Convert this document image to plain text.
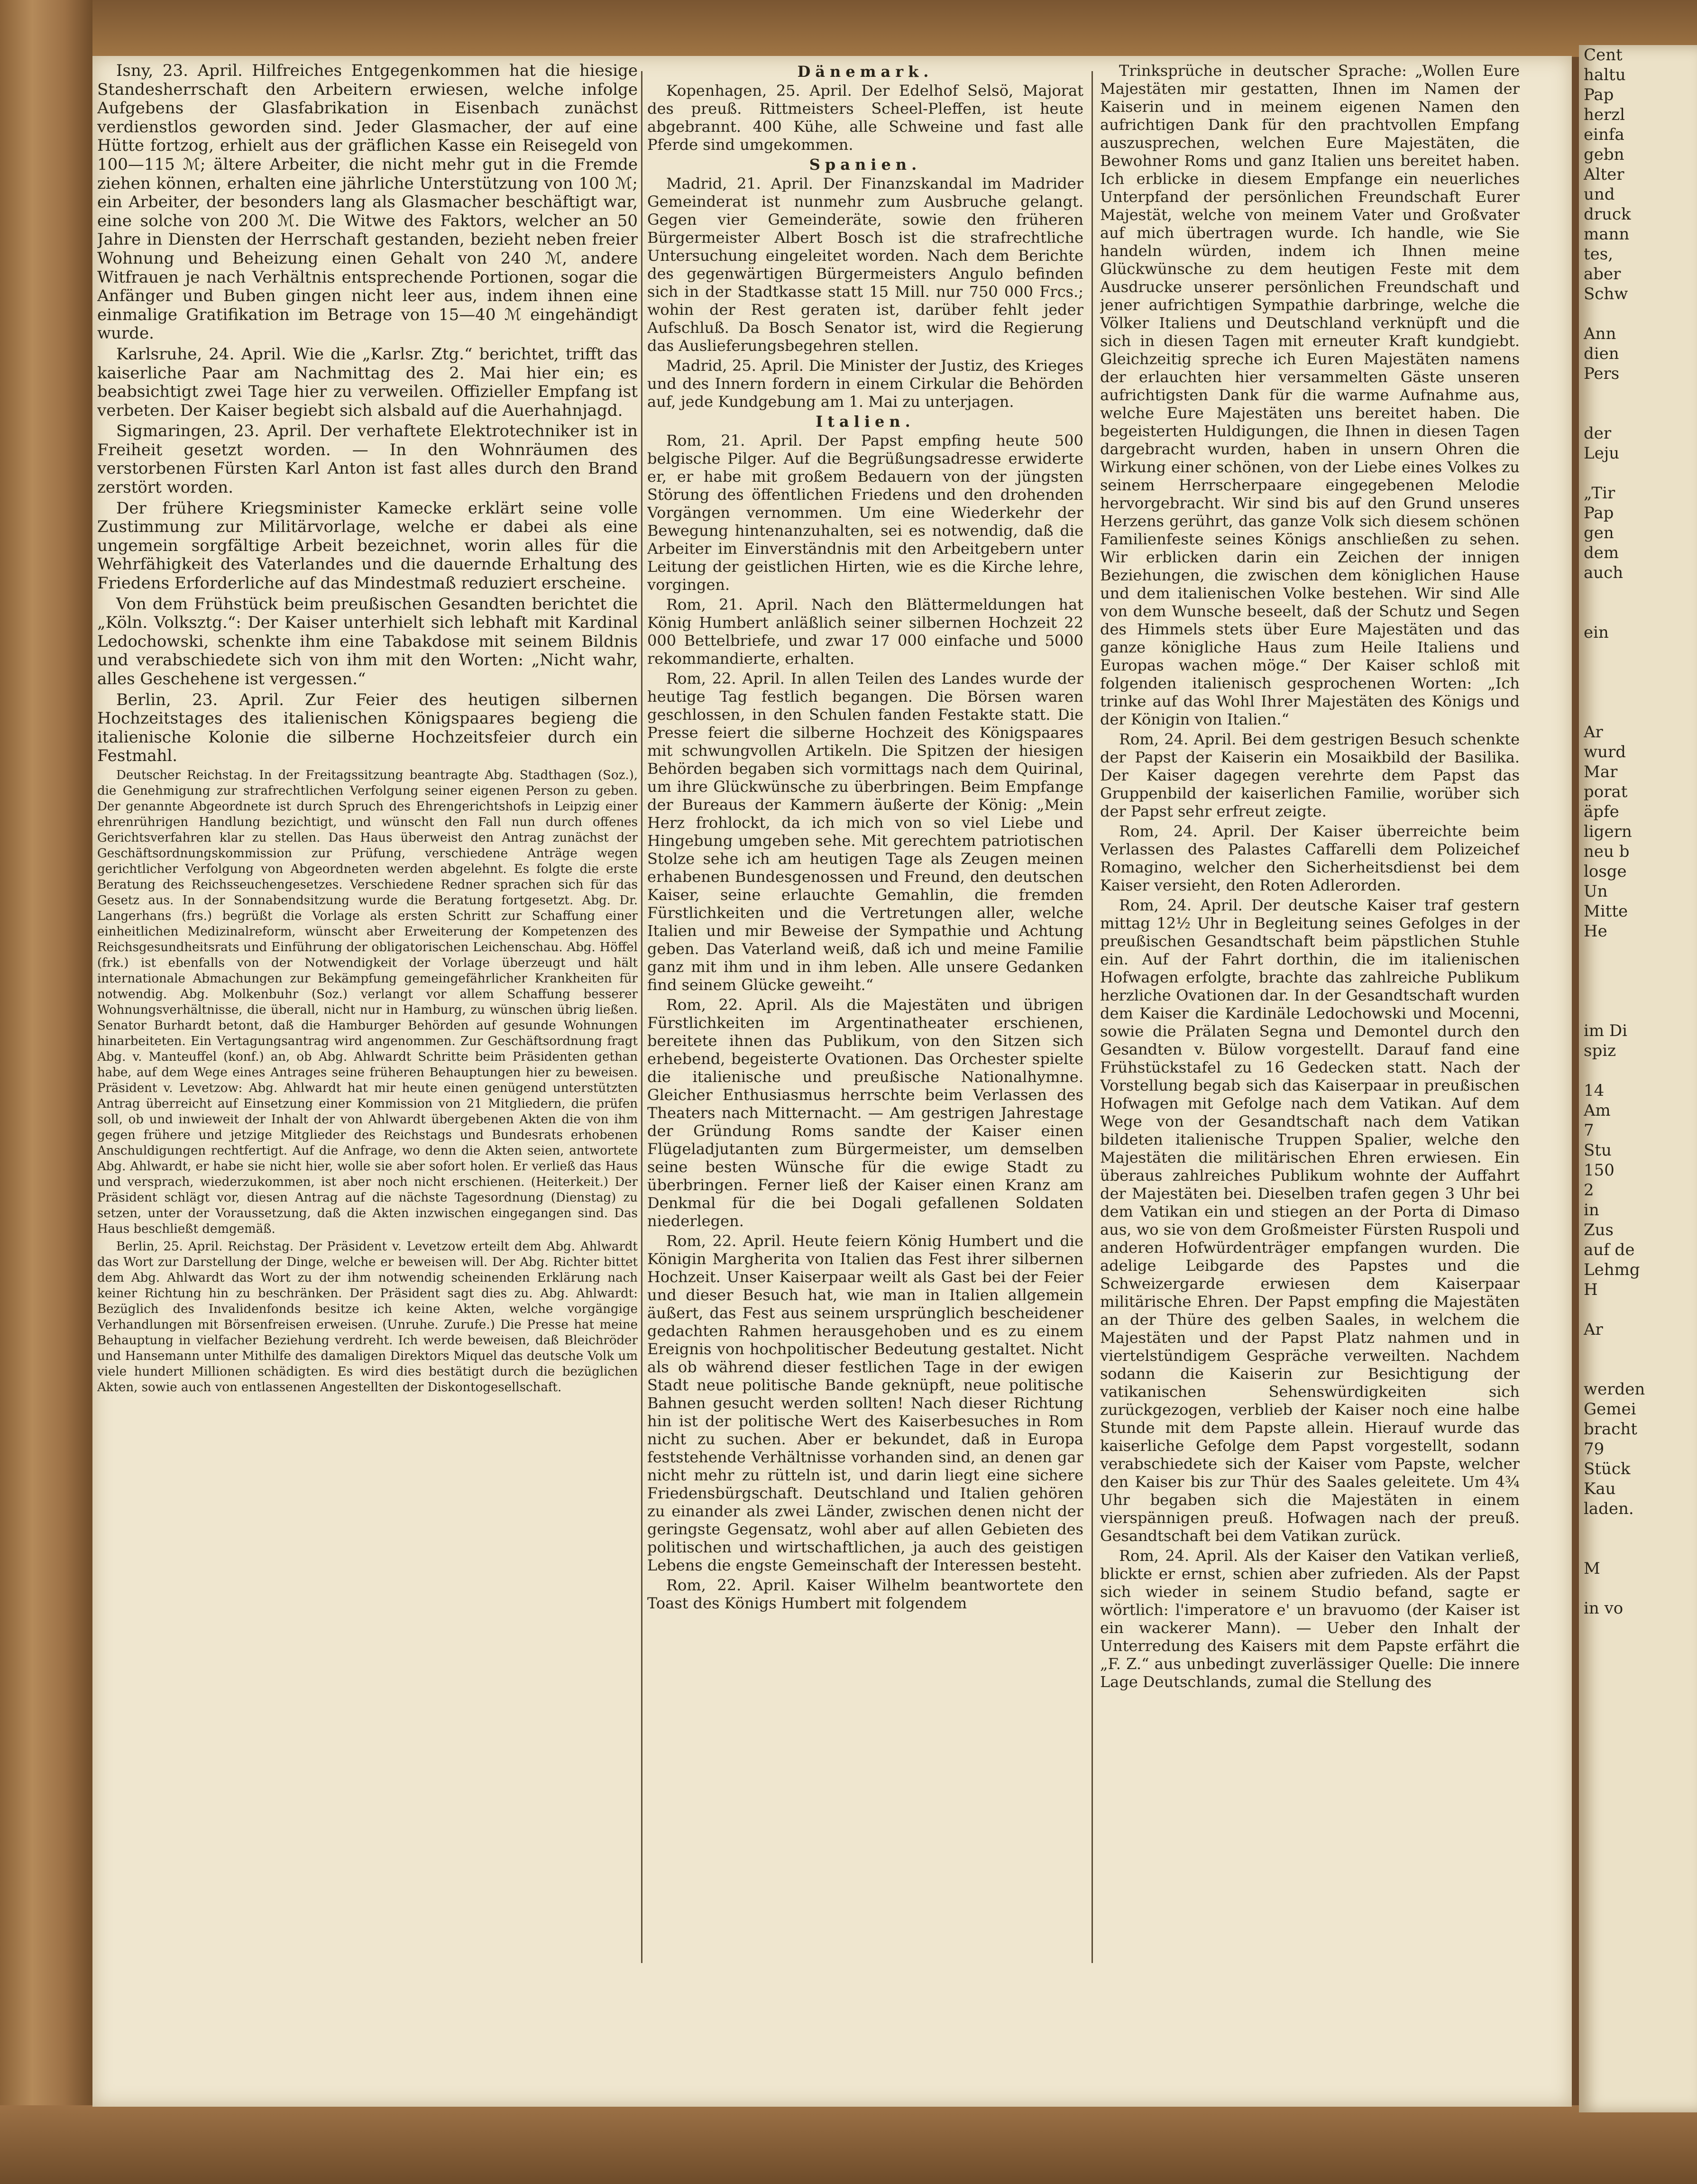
Isny, 23. April. Hilfreiches Entgegenkommen hat die hiesige Standesherrschaft den Arbeitern erwiesen, welche infolge Aufgebens der Glasfabrikation in Eisenbach zunächst verdienstlos geworden sind. Jeder Glasmacher, der auf eine Hütte fortzog, erhielt aus der gräflichen Kasse ein Reisegeld von 100—115 ℳ; ältere Arbeiter, die nicht mehr gut in die Fremde ziehen können, erhalten eine jährliche Unterstützung von 100 ℳ; ein Arbeiter, der besonders lang als Glasmacher beschäftigt war, eine solche von 200 ℳ. Die Witwe des Faktors, welcher an 50 Jahre in Diensten der Herrschaft gestanden, bezieht neben freier Wohnung und Beheizung einen Gehalt von 240 ℳ, andere Witfrauen je nach Verhältnis entsprechende Portionen, sogar die Anfänger und Buben gingen nicht leer aus, indem ihnen eine einmalige Gratifikation im Betrage von 15—40 ℳ eingehändigt wurde.

Karlsruhe, 24. April. Wie die „Karlsr. Ztg.“ berichtet, trifft das kaiserliche Paar am Nachmittag des 2. Mai hier ein; es beabsichtigt zwei Tage hier zu verweilen. Offizieller Empfang ist verbeten. Der Kaiser begiebt sich alsbald auf die Auerhahnjagd.

Sigmaringen, 23. April. Der verhaftete Elektrotechniker ist in Freiheit gesetzt worden. — In den Wohnräumen des verstorbenen Fürsten Karl Anton ist fast alles durch den Brand zerstört worden.

Der frühere Kriegsminister Kamecke erklärt seine volle Zustimmung zur Militärvorlage, welche er dabei als eine ungemein sorgfältige Arbeit bezeichnet, worin alles für die Wehrfähigkeit des Vaterlandes und die dauernde Erhaltung des Friedens Erforderliche auf das Mindestmaß reduziert erscheine.

Von dem Frühstück beim preußischen Gesandten berichtet die „Köln. Volksztg.“: Der Kaiser unterhielt sich lebhaft mit Kardinal Ledochowski, schenkte ihm eine Tabakdose mit seinem Bildnis und verabschiedete sich von ihm mit den Worten: „Nicht wahr, alles Geschehene ist vergessen.“

Berlin, 23. April. Zur Feier des heutigen silbernen Hochzeitstages des italienischen Königspaares begieng die italienische Kolonie die silberne Hochzeitsfeier durch ein Festmahl.

Deutscher Reichstag. In der Freitagssitzung beantragte Abg. Stadthagen (Soz.), die Genehmigung zur strafrechtlichen Verfolgung seiner eigenen Person zu geben. Der genannte Abgeordnete ist durch Spruch des Ehrengerichtshofs in Leipzig einer ehrenrührigen Handlung bezichtigt, und wünscht den Fall nun durch offenes Gerichtsverfahren klar zu stellen. Das Haus überweist den Antrag zunächst der Geschäftsordnungskommission zur Prüfung, verschiedene Anträge wegen gerichtlicher Verfolgung von Abgeordneten werden abgelehnt. Es folgte die erste Beratung des Reichsseuchengesetzes. Verschiedene Redner sprachen sich für das Gesetz aus. In der Sonnabendsitzung wurde die Beratung fortgesetzt. Abg. Dr. Langerhans (frs.) begrüßt die Vorlage als ersten Schritt zur Schaffung einer einheitlichen Medizinalreform, wünscht aber Erweiterung der Kompetenzen des Reichsgesundheitsrats und Einführung der obligatorischen Leichenschau. Abg. Höffel (frk.) ist ebenfalls von der Notwendigkeit der Vorlage überzeugt und hält internationale Abmachungen zur Bekämpfung gemeingefährlicher Krankheiten für notwendig. Abg. Molkenbuhr (Soz.) verlangt vor allem Schaffung besserer Wohnungsverhältnisse, die überall, nicht nur in Hamburg, zu wünschen übrig ließen. Senator Burhardt betont, daß die Hamburger Behörden auf gesunde Wohnungen hinarbeiteten. Ein Vertagungsantrag wird angenommen. Zur Geschäftsordnung fragt Abg. v. Manteuffel (konf.) an, ob Abg. Ahlwardt Schritte beim Präsidenten gethan habe, auf dem Wege eines Antrages seine früheren Behauptungen hier zu beweisen. Präsident v. Levetzow: Abg. Ahlwardt hat mir heute einen genügend unterstützten Antrag überreicht auf Einsetzung einer Kommission von 21 Mitgliedern, die prüfen soll, ob und inwieweit der Inhalt der von Ahlwardt übergebenen Akten die von ihm gegen frühere und jetzige Mitglieder des Reichstags und Bundesrats erhobenen Anschuldigungen rechtfertigt. Auf die Anfrage, wo denn die Akten seien, antwortete Abg. Ahlwardt, er habe sie nicht hier, wolle sie aber sofort holen. Er verließ das Haus und versprach, wiederzukommen, ist aber noch nicht erschienen. (Heiterkeit.) Der Präsident schlägt vor, diesen Antrag auf die nächste Tagesordnung (Dienstag) zu setzen, unter der Voraussetzung, daß die Akten inzwischen eingegangen sind. Das Haus beschließt demgemäß.

Berlin, 25. April. Reichstag. Der Präsident v. Levetzow erteilt dem Abg. Ahlwardt das Wort zur Darstellung der Dinge, welche er beweisen will. Der Abg. Richter bittet dem Abg. Ahlwardt das Wort zu der ihm notwendig scheinenden Erklärung nach keiner Richtung hin zu beschränken. Der Präsident sagt dies zu. Abg. Ahlwardt: Bezüglich des Invalidenfonds besitze ich keine Akten, welche vorgängige Verhandlungen mit Börsenfreisen erweisen. (Unruhe. Zurufe.) Die Presse hat meine Behauptung in vielfacher Beziehung verdreht. Ich werde beweisen, daß Bleichröder und Hansemann unter Mithilfe des damaligen Direktors Miquel das deutsche Volk um viele hundert Millionen schädigten. Es wird dies bestätigt durch die bezüglichen Akten, sowie auch von entlassenen Angestellten der Diskontogesellschaft.

Dänemark.

Kopenhagen, 25. April. Der Edelhof Selsö, Majorat des preuß. Rittmeisters Scheel-Pleffen, ist heute abgebrannt. 400 Kühe, alle Schweine und fast alle Pferde sind umgekommen.

Spanien.

Madrid, 21. April. Der Finanzskandal im Madrider Gemeinderat ist nunmehr zum Ausbruche gelangt. Gegen vier Gemeinderäte, sowie den früheren Bürgermeister Albert Bosch ist die strafrechtliche Untersuchung eingeleitet worden. Nach dem Berichte des gegenwärtigen Bürgermeisters Angulo befinden sich in der Stadtkasse statt 15 Mill. nur 750 000 Frcs.; wohin der Rest geraten ist, darüber fehlt jeder Aufschluß. Da Bosch Senator ist, wird die Regierung das Auslieferungsbegehren stellen.

Madrid, 25. April. Die Minister der Justiz, des Krieges und des Innern fordern in einem Cirkular die Behörden auf, jede Kundgebung am 1. Mai zu unterjagen.

Italien.

Rom, 21. April. Der Papst empfing heute 500 belgische Pilger. Auf die Begrüßungsadresse erwiderte er, er habe mit großem Bedauern von der jüngsten Störung des öffentlichen Friedens und den drohenden Vorgängen vernommen. Um eine Wiederkehr der Bewegung hintenanzuhalten, sei es notwendig, daß die Arbeiter im Einverständnis mit den Arbeitgebern unter Leitung der geistlichen Hirten, wie es die Kirche lehre, vorgingen.

Rom, 21. April. Nach den Blättermeldungen hat König Humbert anläßlich seiner silbernen Hochzeit 22 000 Bettelbriefe, und zwar 17 000 einfache und 5000 rekommandierte, erhalten.

Rom, 22. April. In allen Teilen des Landes wurde der heutige Tag festlich begangen. Die Börsen waren geschlossen, in den Schulen fanden Festakte statt. Die Presse feiert die silberne Hochzeit des Königspaares mit schwungvollen Artikeln. Die Spitzen der hiesigen Behörden begaben sich vormittags nach dem Quirinal, um ihre Glückwünsche zu überbringen. Beim Empfange der Bureaus der Kammern äußerte der König: „Mein Herz frohlockt, da ich mich von so viel Liebe und Hingebung umgeben sehe. Mit gerechtem patriotischen Stolze sehe ich am heutigen Tage als Zeugen meinen erhabenen Bundesgenossen und Freund, den deutschen Kaiser, seine erlauchte Gemahlin, die fremden Fürstlichkeiten und die Vertretungen aller, welche Italien und mir Beweise der Sympathie und Achtung geben. Das Vaterland weiß, daß ich und meine Familie ganz mit ihm und in ihm leben. Alle unsere Gedanken find seinem Glücke geweiht.“

Rom, 22. April. Als die Majestäten und übrigen Fürstlichkeiten im Argentinatheater erschienen, bereitete ihnen das Publikum, von den Sitzen sich erhebend, begeisterte Ovationen. Das Orchester spielte die italienische und preußische Nationalhymne. Gleicher Enthusiasmus herrschte beim Verlassen des Theaters nach Mitternacht. — Am gestrigen Jahrestage der Gründung Roms sandte der Kaiser einen Flügeladjutanten zum Bürgermeister, um demselben seine besten Wünsche für die ewige Stadt zu überbringen. Ferner ließ der Kaiser einen Kranz am Denkmal für die bei Dogali gefallenen Soldaten niederlegen.

Rom, 22. April. Heute feiern König Humbert und die Königin Margherita von Italien das Fest ihrer silbernen Hochzeit. Unser Kaiserpaar weilt als Gast bei der Feier und dieser Besuch hat, wie man in Italien allgemein äußert, das Fest aus seinem ursprünglich bescheidener gedachten Rahmen herausgehoben und es zu einem Ereignis von hochpolitischer Bedeutung gestaltet. Nicht als ob während dieser festlichen Tage in der ewigen Stadt neue politische Bande geknüpft, neue politische Bahnen gesucht werden sollten! Nach dieser Richtung hin ist der politische Wert des Kaiserbesuches in Rom nicht zu suchen. Aber er bekundet, daß in Europa feststehende Verhältnisse vorhanden sind, an denen gar nicht mehr zu rütteln ist, und darin liegt eine sichere Friedensbürgschaft. Deutschland und Italien gehören zu einander als zwei Länder, zwischen denen nicht der geringste Gegensatz, wohl aber auf allen Gebieten des politischen und wirtschaftlichen, ja auch des geistigen Lebens die engste Gemeinschaft der Interessen besteht.

Rom, 22. April. Kaiser Wilhelm beantwortete den Toast des Königs Humbert mit folgendem

Trinksprüche in deutscher Sprache: „Wollen Eure Majestäten mir gestatten, Ihnen im Namen der Kaiserin und in meinem eigenen Namen den aufrichtigen Dank für den prachtvollen Empfang auszusprechen, welchen Eure Majestäten, die Bewohner Roms und ganz Italien uns bereitet haben. Ich erblicke in diesem Empfange ein neuerliches Unterpfand der persönlichen Freundschaft Eurer Majestät, welche von meinem Vater und Großvater auf mich übertragen wurde. Ich handle, wie Sie handeln würden, indem ich Ihnen meine Glückwünsche zu dem heutigen Feste mit dem Ausdrucke unserer persönlichen Freundschaft und jener aufrichtigen Sympathie darbringe, welche die Völker Italiens und Deutschland verknüpft und die sich in diesen Tagen mit erneuter Kraft kundgiebt. Gleichzeitig spreche ich Euren Majestäten namens der erlauchten hier versammelten Gäste unseren aufrichtigsten Dank für die warme Aufnahme aus, welche Eure Majestäten uns bereitet haben. Die begeisterten Huldigungen, die Ihnen in diesen Tagen dargebracht wurden, haben in unsern Ohren die Wirkung einer schönen, von der Liebe eines Volkes zu seinem Herrscherpaare eingegebenen Melodie hervorgebracht. Wir sind bis auf den Grund unseres Herzens gerührt, das ganze Volk sich diesem schönen Familienfeste seines Königs anschließen zu sehen. Wir erblicken darin ein Zeichen der innigen Beziehungen, die zwischen dem königlichen Hause und dem italienischen Volke bestehen. Wir sind Alle von dem Wunsche beseelt, daß der Schutz und Segen des Himmels stets über Eure Majestäten und das ganze königliche Haus zum Heile Italiens und Europas wachen möge.“ Der Kaiser schloß mit folgenden italienisch gesprochenen Worten: „Ich trinke auf das Wohl Ihrer Majestäten des Königs und der Königin von Italien.“

Rom, 24. April. Bei dem gestrigen Besuch schenkte der Papst der Kaiserin ein Mosaikbild der Basilika. Der Kaiser dagegen verehrte dem Papst das Gruppenbild der kaiserlichen Familie, worüber sich der Papst sehr erfreut zeigte.

Rom, 24. April. Der Kaiser überreichte beim Verlassen des Palastes Caffarelli dem Polizeichef Romagino, welcher den Sicherheitsdienst bei dem Kaiser versieht, den Roten Adlerorden.

Rom, 24. April. Der deutsche Kaiser traf gestern mittag 12½ Uhr in Begleitung seines Gefolges in der preußischen Gesandtschaft beim päpstlichen Stuhle ein. Auf der Fahrt dorthin, die im italienischen Hofwagen erfolgte, brachte das zahlreiche Publikum herzliche Ovationen dar. In der Gesandtschaft wurden dem Kaiser die Kardinäle Ledochowski und Mocenni, sowie die Prälaten Segna und Demontel durch den Gesandten v. Bülow vorgestellt. Darauf fand eine Frühstückstafel zu 16 Gedecken statt. Nach der Vorstellung begab sich das Kaiserpaar in preußischen Hofwagen mit Gefolge nach dem Vatikan. Auf dem Wege von der Gesandtschaft nach dem Vatikan bildeten italienische Truppen Spalier, welche den Majestäten die militärischen Ehren erwiesen. Ein überaus zahlreiches Publikum wohnte der Auffahrt der Majestäten bei. Dieselben trafen gegen 3 Uhr bei dem Vatikan ein und stiegen an der Porta di Dimaso aus, wo sie von dem Großmeister Fürsten Ruspoli und anderen Hofwürdenträger empfangen wurden. Die adelige Leibgarde des Papstes und die Schweizergarde erwiesen dem Kaiserpaar militärische Ehren. Der Papst empfing die Majestäten an der Thüre des gelben Saales, in welchem die Majestäten und der Papst Platz nahmen und in viertelstündigem Gespräche verweilten. Nachdem sodann die Kaiserin zur Besichtigung der vatikanischen Sehenswürdigkeiten sich zurückgezogen, verblieb der Kaiser noch eine halbe Stunde mit dem Papste allein. Hierauf wurde das kaiserliche Gefolge dem Papst vorgestellt, sodann verabschiedete sich der Kaiser vom Papste, welcher den Kaiser bis zur Thür des Saales geleitete. Um 4¾ Uhr begaben sich die Majestäten in einem vierspännigen preuß. Hofwagen nach der preuß. Gesandtschaft bei dem Vatikan zurück.

Rom, 24. April. Als der Kaiser den Vatikan verließ, blickte er ernst, schien aber zufrieden. Als der Papst sich wieder in seinem Studio befand, sagte er wörtlich: l'imperatore e' un bravuomo (der Kaiser ist ein wackerer Mann). — Ueber den Inhalt der Unterredung des Kaisers mit dem Papste erfährt die „F. Z.“ aus unbedingt zuverlässiger Quelle: Die innere Lage Deutschlands, zumal die Stellung des

Cent
haltu
Pap
herzl
einfa
gebn
Alter
und
druck
mann
tes,
aber
Schw
Ann
dien
Pers
der
Leju
„Tir
Pap
gen
dem
auch
ein
Ar
wurd
Mar
porat
äpfe
ligern
neu b
losge
Un
Mitte
He
im Di
spiz
14
Am
7
Stu
150
2
in
Zus
auf de
Lehmg
H
Ar
werden
Gemei
bracht
79
Stück
Kau
laden.
M
in vo
